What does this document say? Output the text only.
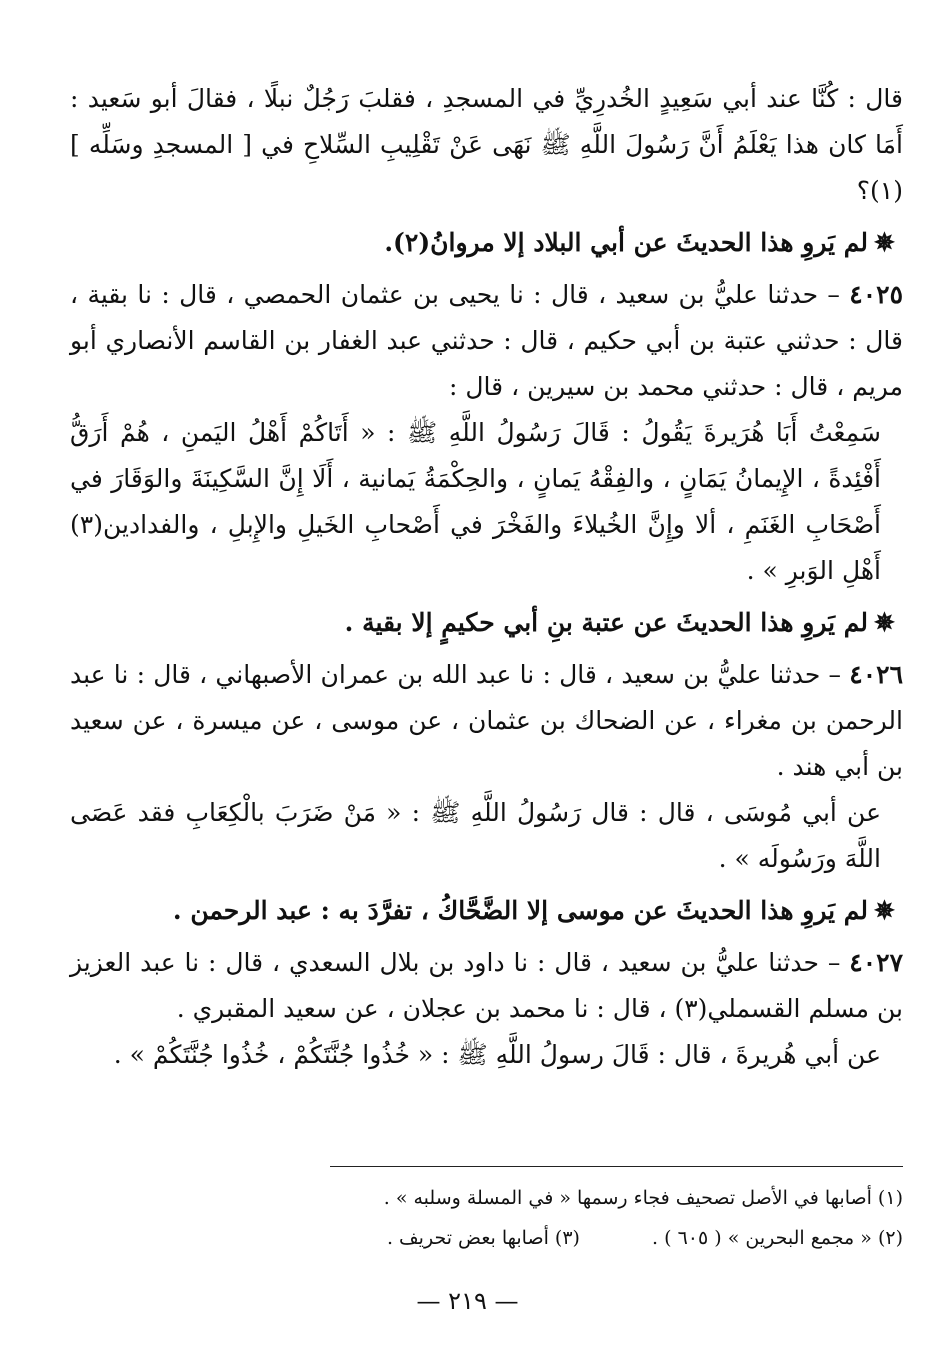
قال : كُنَّا عند أبي سَعِيدٍ الخُدرِيِّ في المسجدِ ، فقلبَ رَجُلٌ نبلًا ، فقالَ أبو سَعيد : أَمَا كان هذا يَعْلَمُ أَنَّ رَسُولَ اللَّهِ ﷺ نَهَى عَنْ تَقْلِيبِ السِّلاحِ في [ المسجدِ وسَلِّه ](١)؟

✵لم يَروِ هذا الحديثَ عن أبي البلاد إلا مروانُ(٢).

٤٠٢٥ – حدثنا عليُّ بن سعيد ، قال : نا يحيى بن عثمان الحمصي ، قال : نا بقية ، قال : حدثني عتبة بن أبي حكيم ، قال : حدثني عبد الغفار بن القاسم الأنصاري أبو مريم ، قال : حدثني محمد بن سيرين ، قال :

سَمِعْتُ أَبَا هُرَيرةَ يَقُولُ : قَالَ رَسُولُ اللَّهِ ﷺ : « أَتَاكُمْ أَهْلُ اليَمنِ ، هُمْ أَرَقُّ أَفْئِدةً ، الإِيمانُ يَمَانٍ ، والفِقْهُ يَمانٍ ، والحِكْمَةُ يَمانية ، أَلَا إِنَّ السَّكِينَةَ والوَقَارَ في أَصْحَابِ الغَنَمِ ، ألا وإِنَّ الخُيلاءَ والفَخْرَ في أَصْحابِ الخَيلِ والإِبلِ ، والفدادين(٣) أَهْلِ الوَبرِ » .

✵لم يَروِ هذا الحديثَ عن عتبة بنِ أبي حكيمٍ إلا بقية .

٤٠٢٦ – حدثنا عليُّ بن سعيد ، قال : نا عبد الله بن عمران الأصبهاني ، قال : نا عبد الرحمن بن مغراء ، عن الضحاك بن عثمان ، عن موسى ، عن ميسرة ، عن سعيد بن أبي هند .

عن أبي مُوسَى ، قال : قال رَسُولُ اللَّهِ ﷺ : « مَنْ ضَرَبَ بالْكِعَابِ فقد عَصَى اللَّهَ ورَسُولَه » .

✵لم يَروِ هذا الحديثَ عن موسى إلا الضَّحَّاكُ ، تفرَّدَ به : عبد الرحمن .

٤٠٢٧ – حدثنا عليُّ بن سعيد ، قال : نا داود بن بلال السعدي ، قال : نا عبد العزيز بن مسلم القسملي(٣) ، قال : نا محمد بن عجلان ، عن سعيد المقبري .

عن أبي هُريرةَ ، قال : قَالَ رسولُ اللَّهِ ﷺ : « خُذُوا جُنَّتَكُمْ ، خُذُوا جُنَّتَكُمْ » .

(١) أصابها في الأصل تصحيف فجاء رسمها « في المسلة وسلبه » .
(٢) « مجمع البحرين » ( ٦٠٥ ) .  (٣) أصابها بعض تحريف .
— ٢١٩ —
